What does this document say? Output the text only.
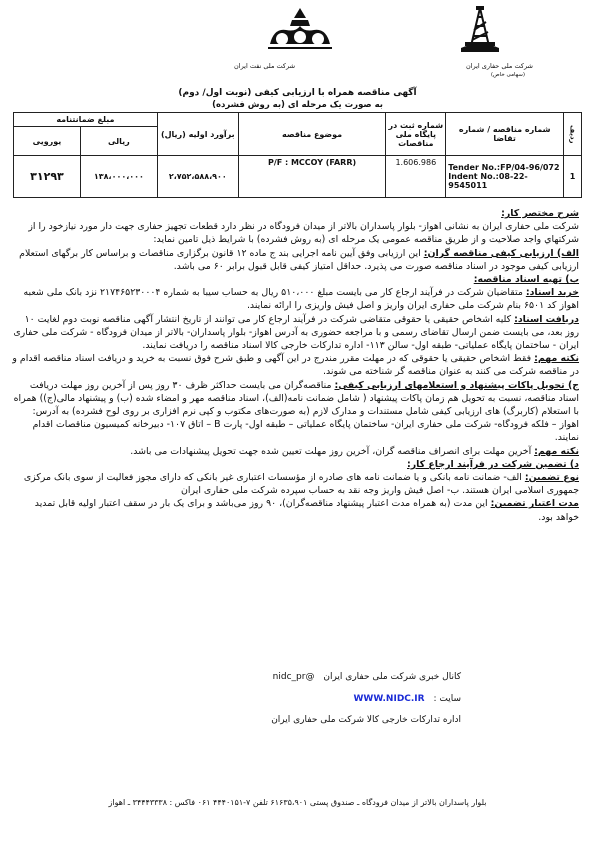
شرکت ملی حفاری ایران
(سهامی خاص)
شرکت ملی نفت ایران
آگهی مناقصه همراه با ارزیابی کیفی (نوبت اول/ دوم)
به صورت یک مرحله ای (به روش فشرده)
ردیف	شماره مناقصه / شماره تقاضا	شماره ثبت در پایگاه ملی مناقصات	موضوع مناقصه	برآورد اولیه (ریال)	مبلغ ضمانتنامه	
					ریالی	یورویی
1	Tender No.:FP/04-96/072
Indent No.:08-22-9545011	1.606.986	P/F : MCCOY (FARR)	۲،۷۵۲،۵۸۸،۹۰۰	۱۳۸،۰۰۰،۰۰۰	۳۱۲۹۳

شرح مختصر کار:

شرکت ملی حفاری ایران به نشانی اهواز- بلوار پاسداران بالاتر از میدان فرودگاه در نظر دارد قطعات تجهیز حفاری جهت دار مورد نیازخود را از شرکتهاي واجد صلاحيت و از طريق مناقصه عمومی یک مرحله ای (به روش فشرده) با شرایط ذیل تامین نماید:

الف) ارزیابی کیفی مناقصه گران: این ارزیابی وفق آیین نامه اجرایی بند ج ماده ۱۲ قانون برگزاری مناقصات و براساس کار برگهای استعلام ارزیابی کیفی موجود در اسناد مناقصه صورت می پذیرد. حداقل امتیاز کیفی قابل قبول برابر ۶۰ می باشد.

ب) تهیه اسناد مناقصه:

خرید اسناد: متقاضیان شرکت در فرآیند ارجاع کار می بایست مبلغ ۵۱۰،۰۰۰ ریال به حساب سیبا به شماره ۲۱۷۴۶۵۲۳۰۰۰۴ نزد بانک ملی شعبه اهواز کد ۶۵۰۱ بنام شرکت ملی حفاری ایران واریز و اصل فیش واریزی را ارائه نمایند.

دریافت اسناد: کلیه اشخاص حقیقی یا حقوقی متقاضی شرکت در فرآیند ارجاع کار می توانند از تاریخ انتشار آگهی مناقصه نوبت دوم لغایت ۱۰ روز بعد، می بایست ضمن ارسال تقاضای رسمی و با مراجعه حضوری به آدرس اهواز- بلوار پاسداران- بالاتر از میدان فرودگاه - شرکت ملی حفاری ایران - ساختمان پایگاه عملیاتی- طبقه اول- سالن ۱۱۳- اداره تدارکات خارجی کالا اسناد مناقصه را دریافت نمایند.

نکته مهم: فقط اشخاص حقیقی یا حقوقی که در مهلت مقرر مندرج در این آگهی و طبق شرح فوق نسبت به خرید و دریافت اسناد مناقصه اقدام و در مناقصه شرکت می کنند به عنوان مناقصه گر شناخته می شوند.

ج) تحویل پاکات پیشنهاد و استعلامهای ارزیابی کیفی: مناقصه‌گران می بایست حداکثر ظرف ۳۰ روز پس از آخرین روز مهلت دریافت اسناد مناقصه، نسبت به تحویل هم زمان پاکات پیشنهاد ( شامل ضمانت نامه(الف)، اسناد مناقصه مهر و امضاء شده (ب) و پیشنهاد مالی(ج)) همراه با استعلام (کاربرگ) های ارزیابی کیفی شامل مستندات و مدارک لازم (به صورت‌های مکتوب و کپی نرم افزاری بر روی لوح فشرده) به آدرس: اهواز – فلکه فرودگاه- شرکت ملی حفاری ایران- ساختمان پایگاه عملیاتی – طبقه اول- پارت B – اتاق ۱۰۷- دبیرخانه کمیسیون مناقصات اقدام نمایند.

نکته مهم: آخرین مهلت برای انصراف مناقصه گران، آخرین روز مهلت تعیین شده جهت تحویل پیشنهادات می باشد.

د) تضمین شرکت در فرآیند ارجاع کار:

نوع تضمین: الف- ضمانت نامه بانکی و یا ضمانت نامه های صادره از مؤسسات اعتباری غیر بانکی که دارای مجوز فعالیت از سوی بانک مرکزی جمهوری اسلامی ایران هستند. ب- اصل فیش واریز وجه نقد به حساب سپرده شرکت ملی حفاری ایران

مدت اعتبار تضمین: این مدت (به همراه مدت اعتبار پیشنهاد مناقصه‌گران)، ۹۰ روز می‌باشد و برای یک بار در سقف اعتبار اولیه قابل تمدید خواهد بود.

کانال خبری شرکت ملی حفاری ایران @nidc_pr
سایت : WWW.NIDC.IR
اداره تدارکات خارجی کالا شرکت ملی حفاری ایران
بلوار پاسداران بالاتر از میدان فرودگاه ـ صندوق پستی ۶۱۶۳۵،۹۰۱ تلفن ۷-۴۴۴۰۱۵۱ ۰۶۱ فاکس : ۳۴۴۴۳۳۳۸ ـ اهواز
